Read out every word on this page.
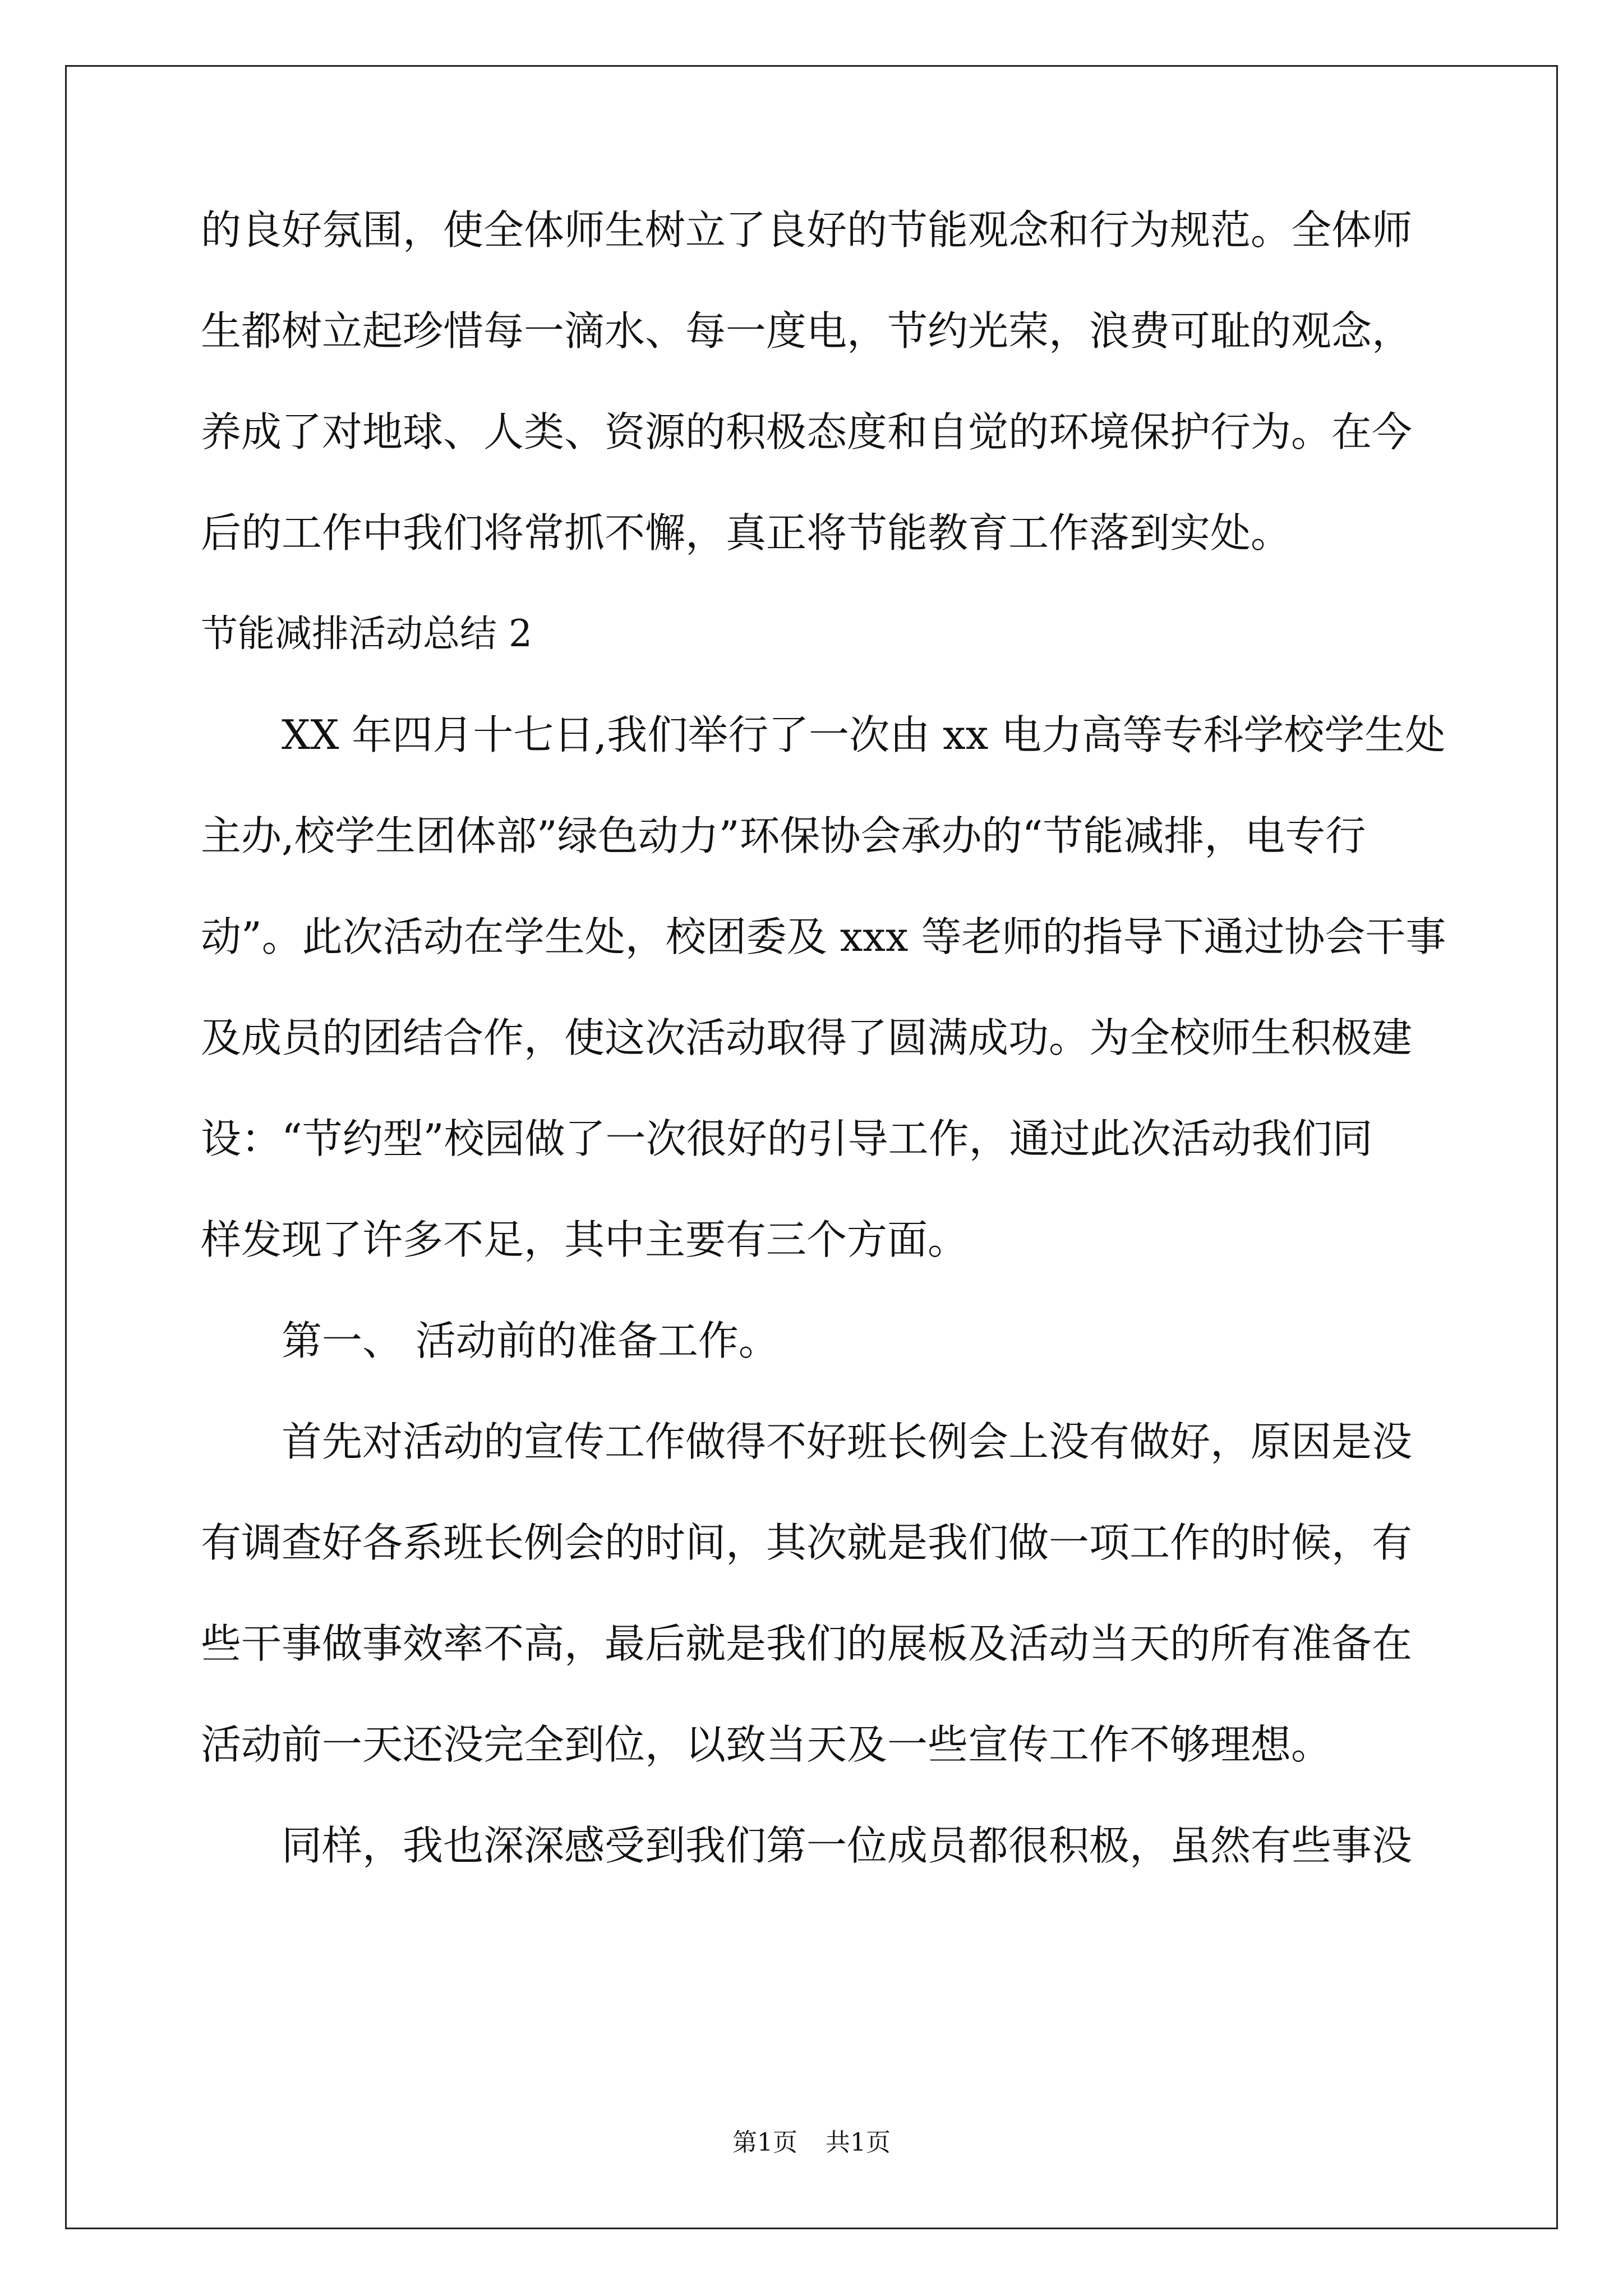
的良好氛围，使全体师生树立了良好的节能观念和行为规范。全体师
生都树立起珍惜每一滴水、每一度电，节约光荣，浪费可耻的观念，
养成了对地球、人类、资源的积极态度和自觉的环境保护行为。在今
后的工作中我们将常抓不懈，真正将节能教育工作落到实处。
节能减排活动总结 2
　　XX 年四月十七日,我们举行了一次由 xx 电力高等专科学校学生处
主办,校学生团体部”绿色动力”环保协会承办的“节能减排，电专行
动”。此次活动在学生处，校团委及 xxx 等老师的指导下通过协会干事
及成员的团结合作，使这次活动取得了圆满成功。为全校师生积极建
设：“节约型”校园做了一次很好的引导工作，通过此次活动我们同
样发现了许多不足，其中主要有三个方面。
　　第一、 活动前的准备工作。
　　首先对活动的宣传工作做得不好班长例会上没有做好，原因是没
有调查好各系班长例会的时间，其次就是我们做一项工作的时候，有
些干事做事效率不高，最后就是我们的展板及活动当天的所有准备在
活动前一天还没完全到位，以致当天及一些宣传工作不够理想。
　　同样，我也深深感受到我们第一位成员都很积极，虽然有些事没
第1页 共1页
